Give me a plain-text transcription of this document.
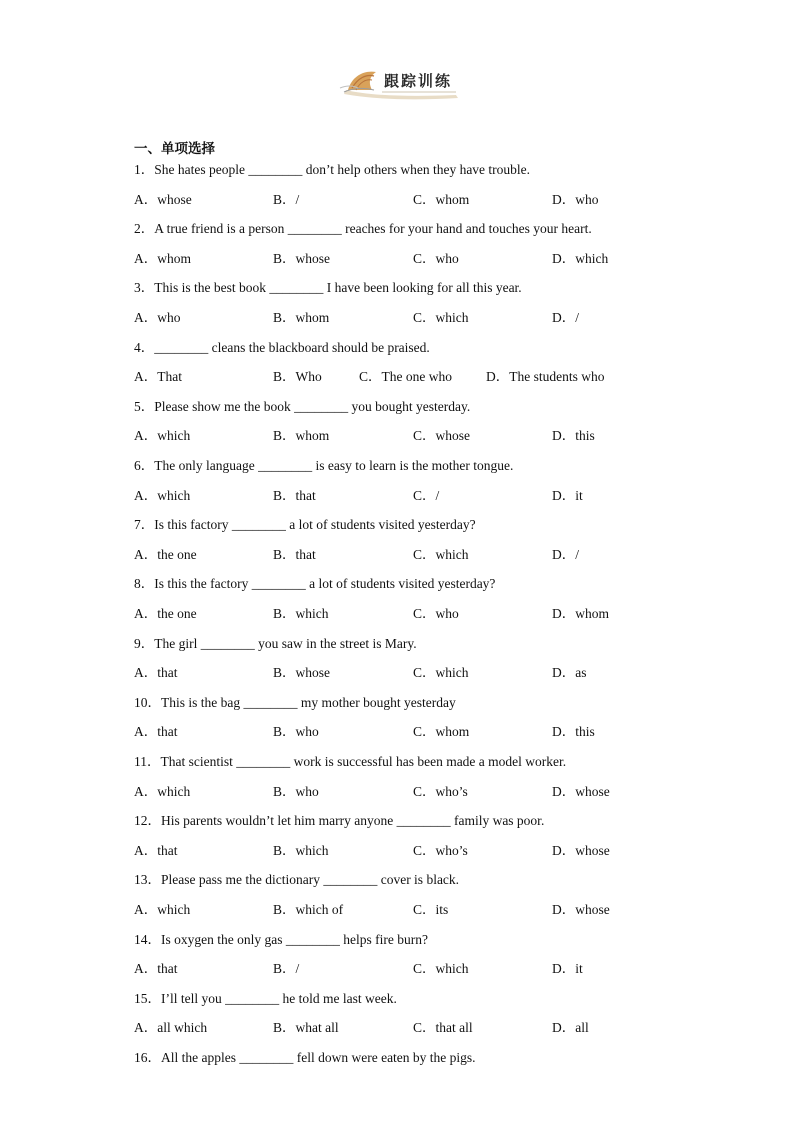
跟踪训练
一、单项选择
1．She hates people ________ don’t help others when they have trouble.
A．whose	B．/	C．whom	D．who
2．A true friend is a person ________ reaches for your hand and touches your heart.
A．whom	B．whose	C．who	D．which
3．This is the best book ________ I have been looking for all this year.
A．who	B．whom	C．which	D．/
4．________ cleans the blackboard should be praised.
A．That	B．Who	C．The one who	D．The students who
5．Please show me the book ________ you bought yesterday.
A．which	B．whom	C．whose	D．this
6．The only language ________ is easy to learn is the mother tongue.
A．which	B．that	C．/	D．it
7．Is this factory ________ a lot of students visited yesterday?
A．the one	B．that	C．which	D．/
8．Is this the factory ________ a lot of students visited yesterday?
A．the one	B．which	C．who	D．whom
9．The girl ________ you saw in the street is Mary.
A．that	B．whose	C．which	D．as
10．This is the bag ________ my mother bought yesterday
A．that	B．who	C．whom	D．this
11．That scientist ________ work is successful has been made a model worker.
A．which	B．who	C．who’s	D．whose
12．His parents wouldn’t let him marry anyone ________ family was poor.
A．that	B．which	C．who’s	D．whose
13．Please pass me the dictionary ________ cover is black.
A．which	B．which of	C．its	D．whose
14．Is oxygen the only gas ________ helps fire burn?
A．that	B．/	C．which	D．it
15．I’ll tell you ________ he told me last week.
A．all which	B．what all	C．that all	D．all
16．All the apples ________ fell down were eaten by the pigs.
